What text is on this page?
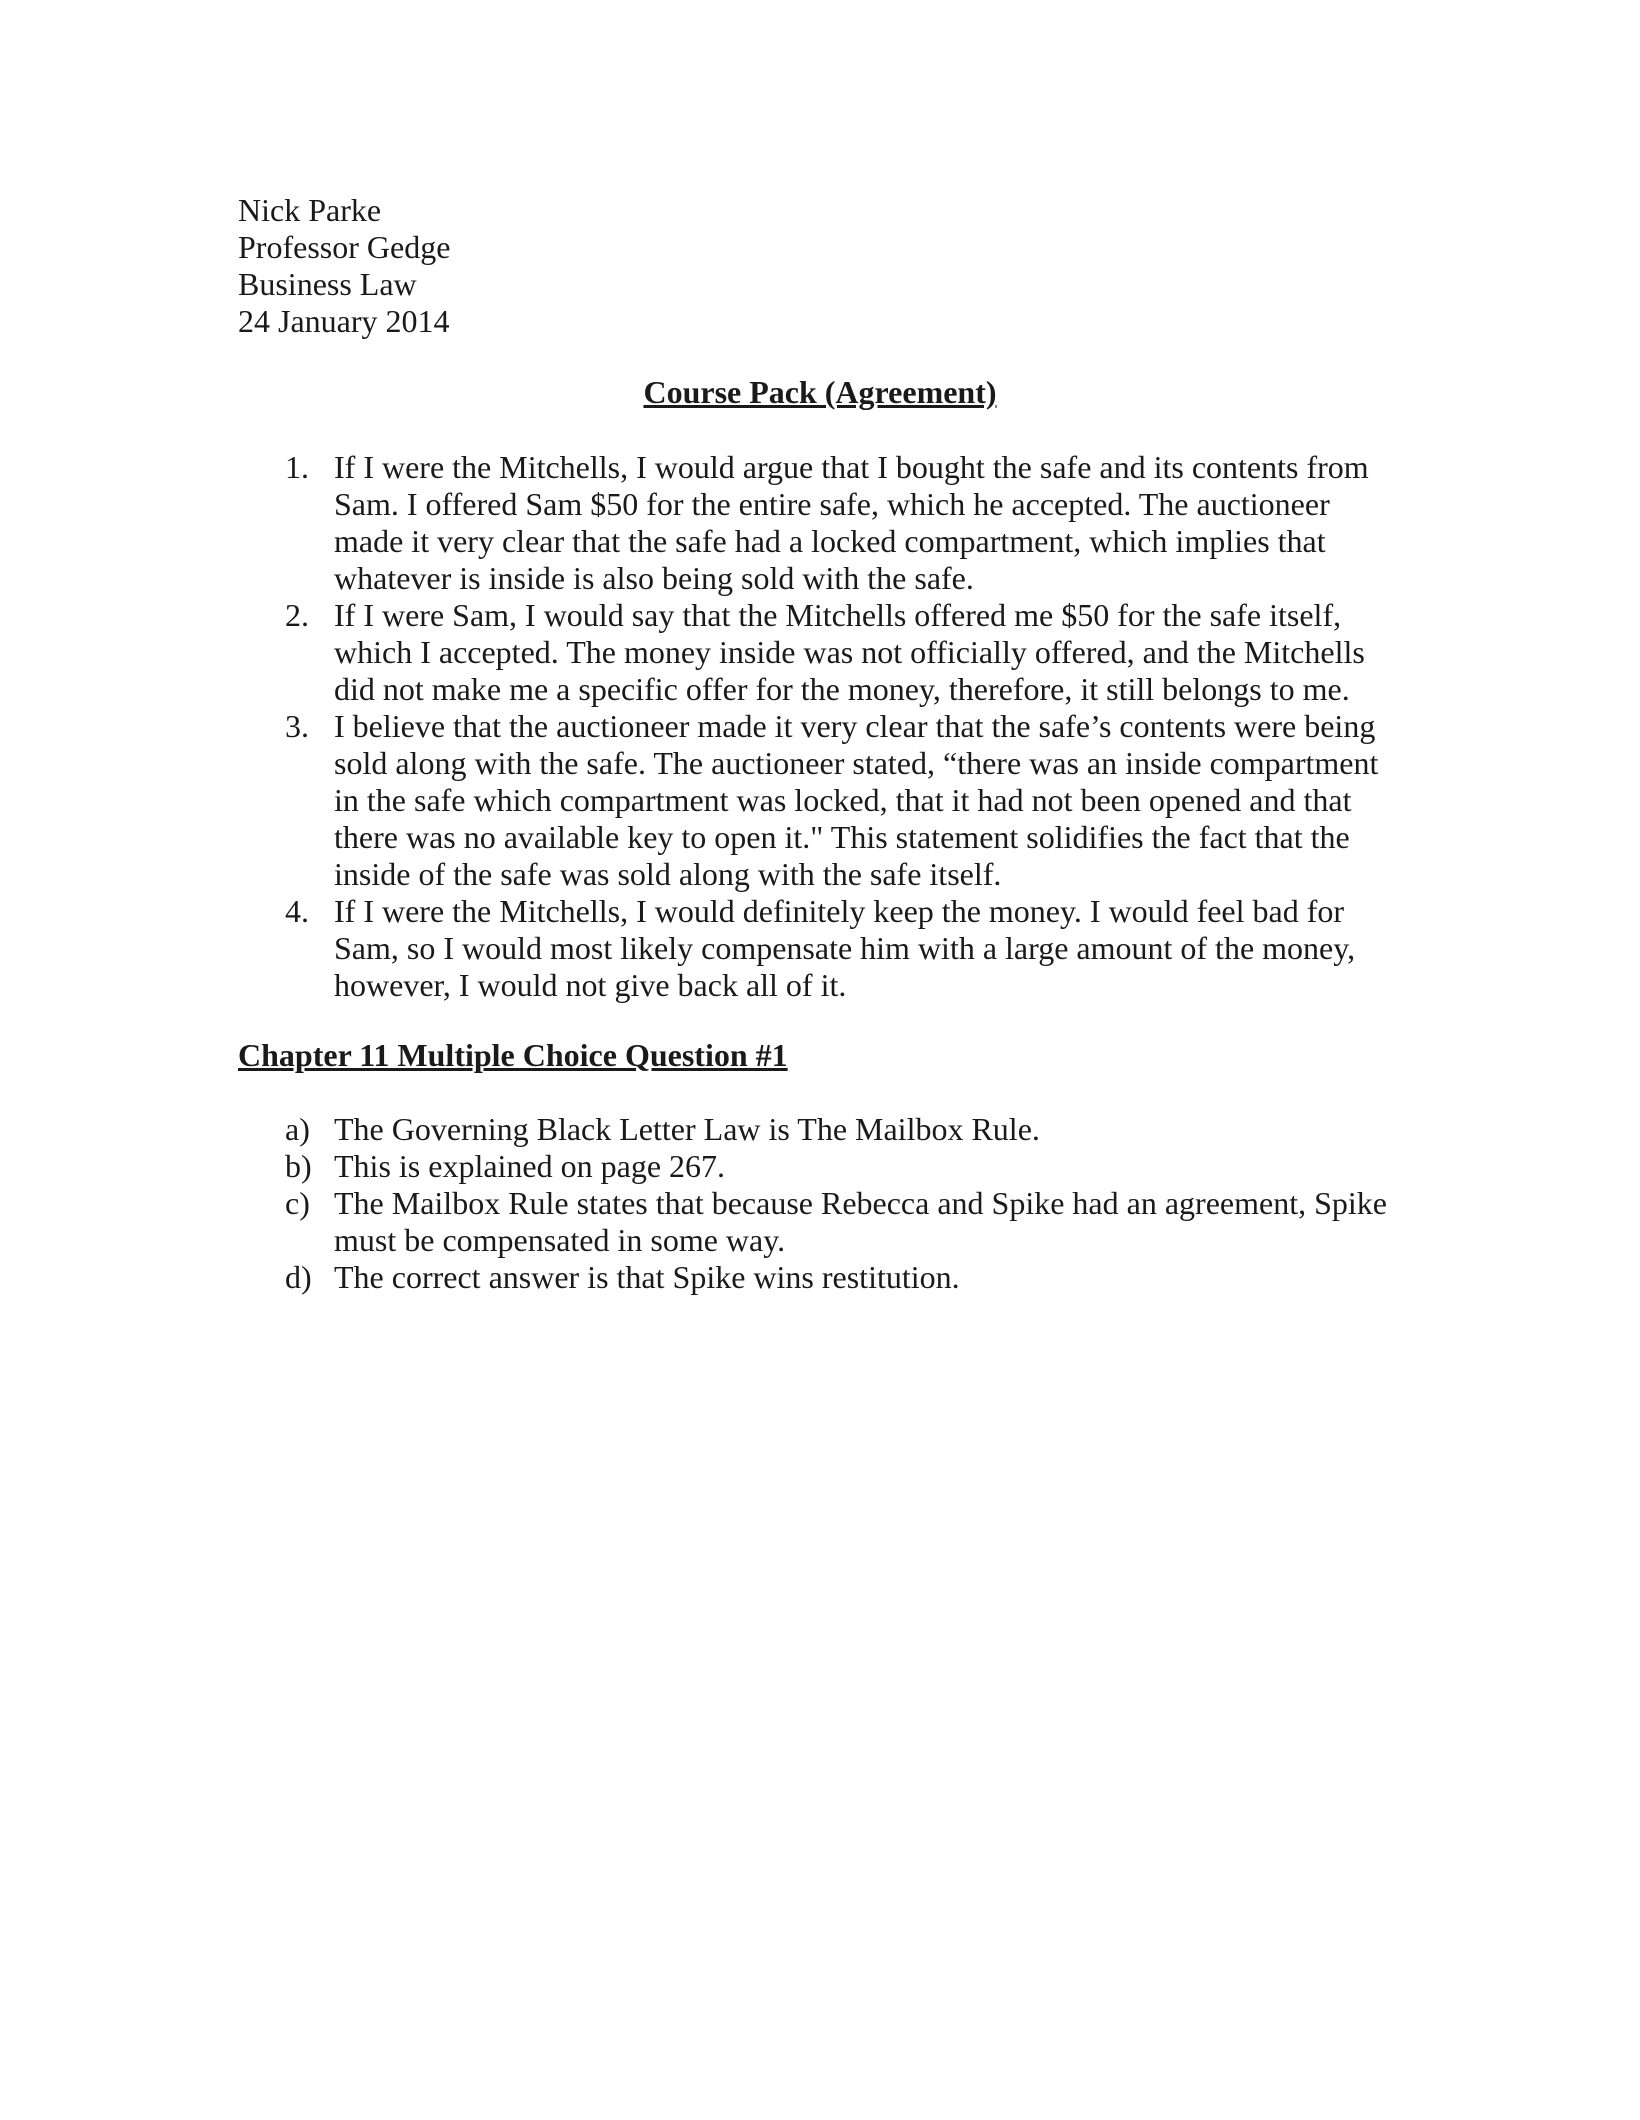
Nick Parke
Professor Gedge
Business Law
24 January 2014
Course Pack (Agreement)
1. If I were the Mitchells, I would argue that I bought the safe and its contents from Sam. I offered Sam $50 for the entire safe, which he accepted. The auctioneer made it very clear that the safe had a locked compartment, which implies that whatever is inside is also being sold with the safe.
2. If I were Sam, I would say that the Mitchells offered me $50 for the safe itself, which I accepted. The money inside was not officially offered, and the Mitchells did not make me a specific offer for the money, therefore, it still belongs to me.
3. I believe that the auctioneer made it very clear that the safe’s contents were being sold along with the safe. The auctioneer stated, “there was an inside compartment in the safe which compartment was locked, that it had not been opened and that there was no available key to open it." This statement solidifies the fact that the inside of the safe was sold along with the safe itself.
4. If I were the Mitchells, I would definitely keep the money. I would feel bad for Sam, so I would most likely compensate him with a large amount of the money, however, I would not give back all of it.
Chapter 11 Multiple Choice Question #1
a) The Governing Black Letter Law is The Mailbox Rule.
b) This is explained on page 267.
c) The Mailbox Rule states that because Rebecca and Spike had an agreement, Spike must be compensated in some way.
d) The correct answer is that Spike wins restitution.
